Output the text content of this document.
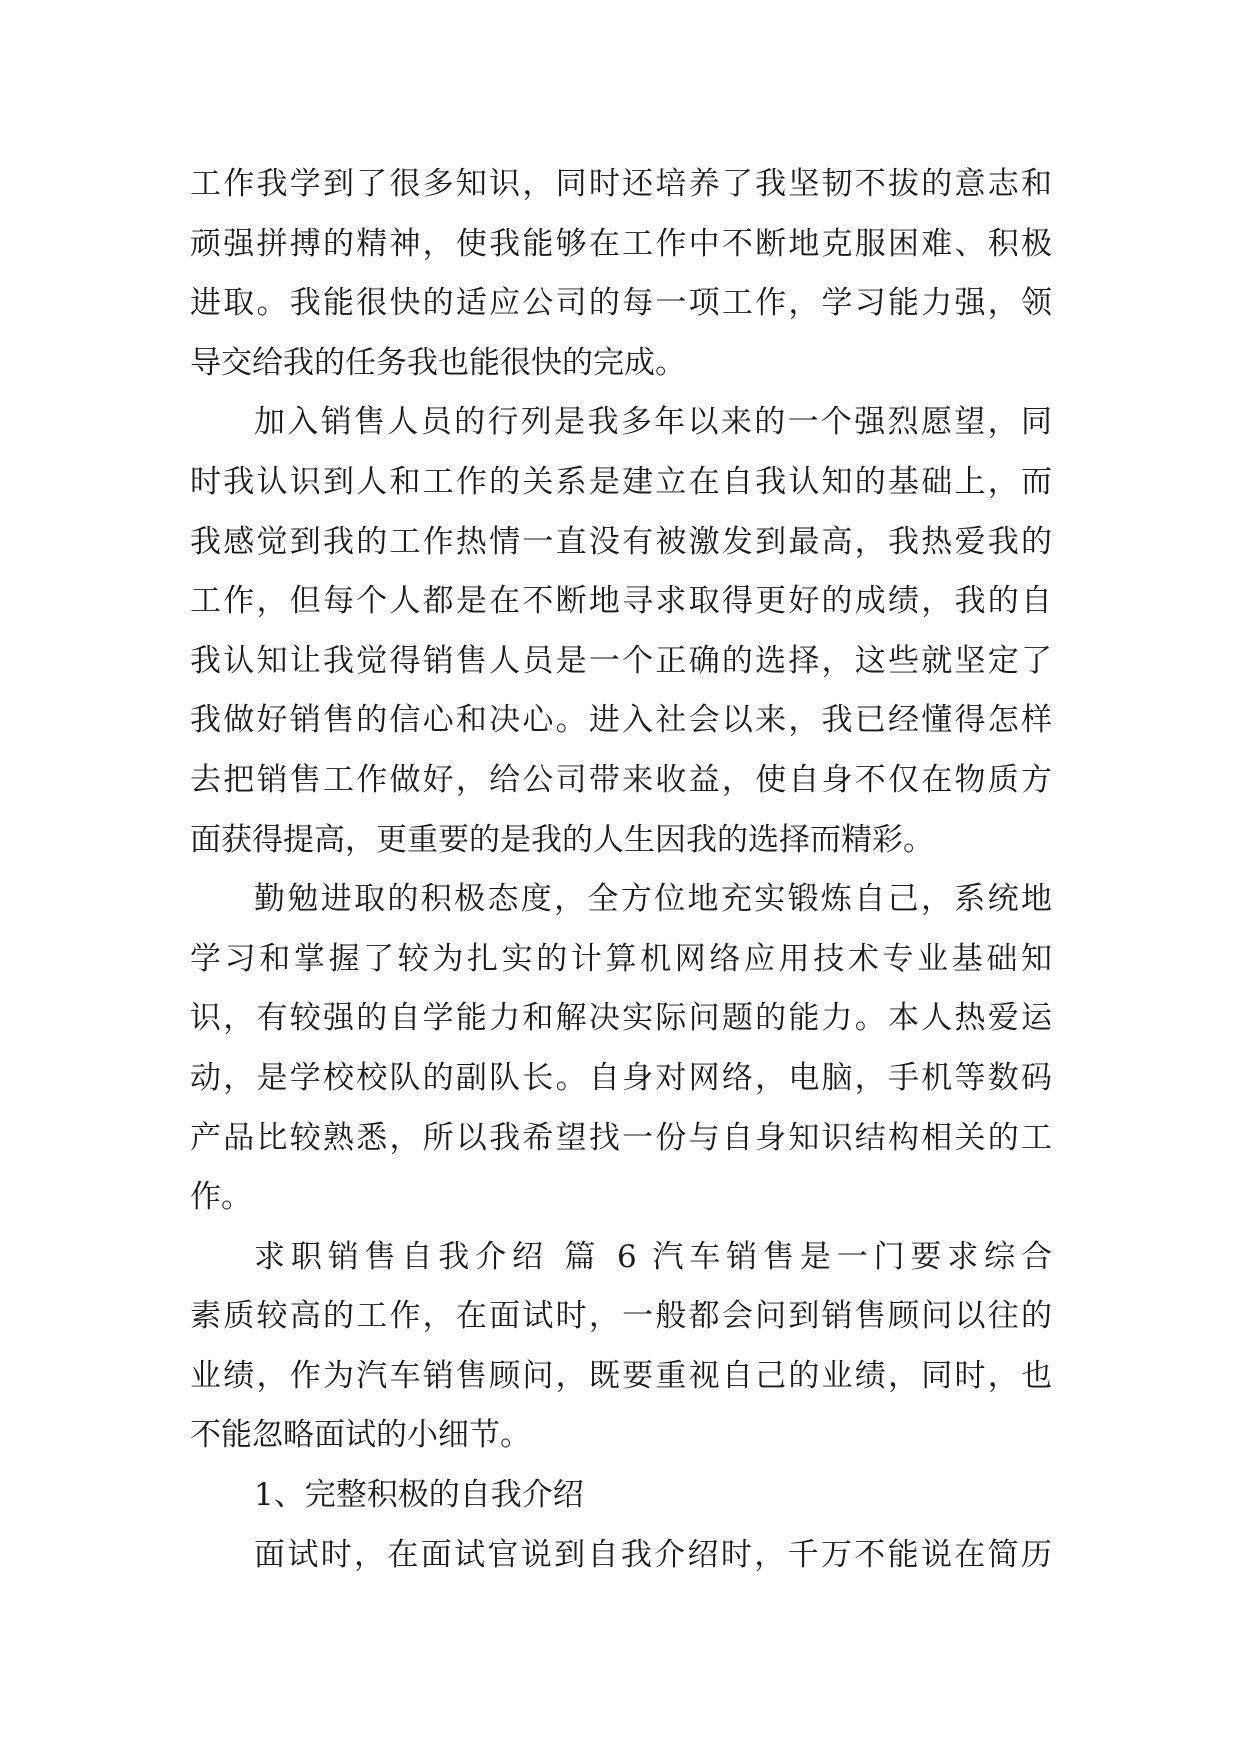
工作我学到了很多知识，同时还培养了我坚韧不拔的意志和
顽强拼搏的精神，使我能够在工作中不断地克服困难、积极
进取。我能很快的适应公司的每一项工作，学习能力强，领
导交给我的任务我也能很快的完成。
加入销售人员的行列是我多年以来的一个强烈愿望，同
时我认识到人和工作的关系是建立在自我认知的基础上，而
我感觉到我的工作热情一直没有被激发到最高，我热爱我的
工作，但每个人都是在不断地寻求取得更好的成绩，我的自
我认知让我觉得销售人员是一个正确的选择，这些就坚定了
我做好销售的信心和决心。进入社会以来，我已经懂得怎样
去把销售工作做好，给公司带来收益，使自身不仅在物质方
面获得提高，更重要的是我的人生因我的选择而精彩。
勤勉进取的积极态度，全方位地充实锻炼自己，系统地
学习和掌握了较为扎实的计算机网络应用技术专业基础知
识，有较强的自学能力和解决实际问题的能力。本人热爱运
动，是学校校队的副队长。自身对网络，电脑，手机等数码
产品比较熟悉，所以我希望找一份与自身知识结构相关的工
作。
求职销售自我介绍 篇 6 汽车销售是一门要求综合
素质较高的工作，在面试时，一般都会问到销售顾问以往的
业绩，作为汽车销售顾问，既要重视自己的业绩，同时，也
不能忽略面试的小细节。
1、完整积极的自我介绍
面试时，在面试官说到自我介绍时，千万不能说在简历
